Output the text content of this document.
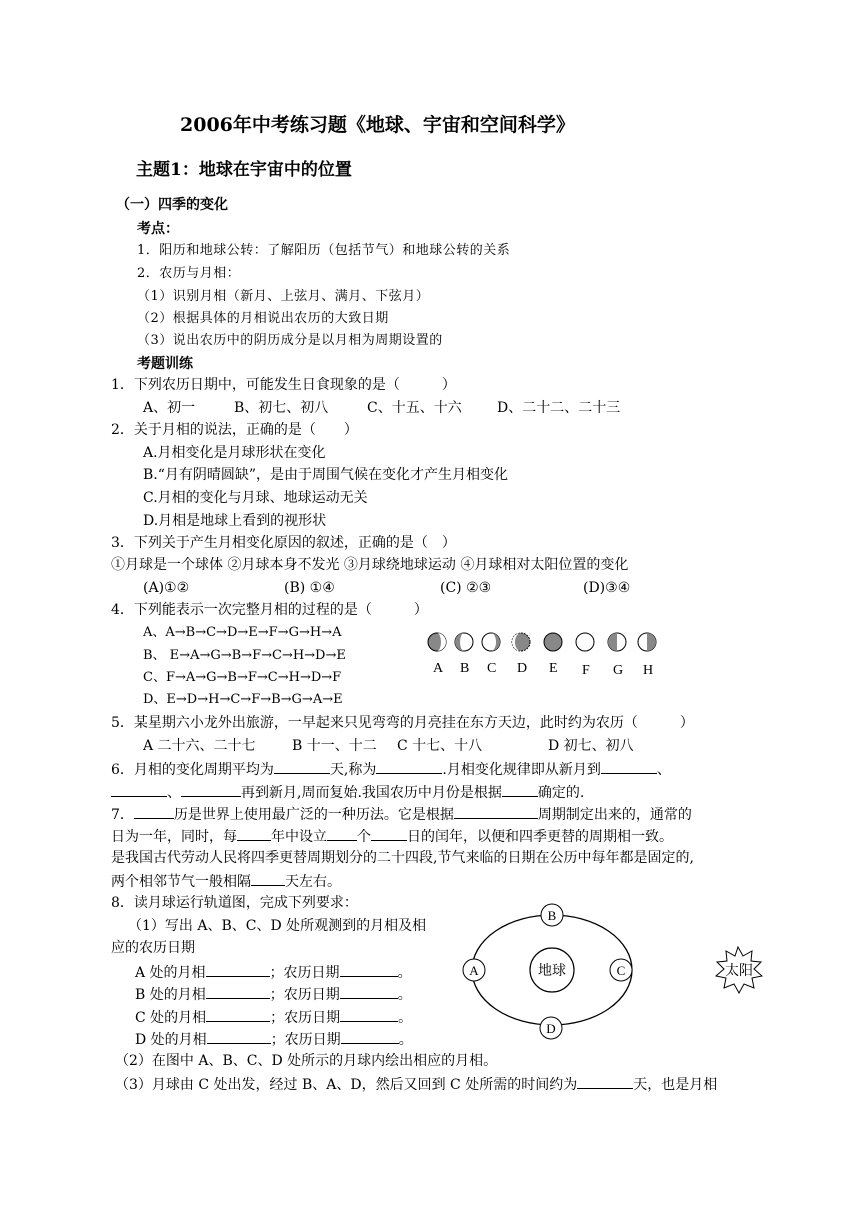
2006年中考练习题《地球、宇宙和空间科学》
主题1：地球在宇宙中的位置
（一）四季的变化
考点：
1．阳历和地球公转：了解阳历（包括节气）和地球公转的关系
2．农历与月相：
（1）识别月相（新月、上弦月、满月、下弦月）
（2）根据具体的月相说出农历的大致日期
（3）说出农历中的阴历成分是以月相为周期设置的
考题训练
1．下列农历日期中，可能发生日食现象的是（　　　）
A、初一	B、初七、初八	C、十五、十六	D、二十二、二十三
2．关于月相的说法，正确的是（　　）
A.月相变化是月球形状在变化
B.“月有阴晴圆缺”，是由于周围气候在变化才产生月相变化
C.月相的变化与月球、地球运动无关
D.月相是地球上看到的视形状
3．下列关于产生月相变化原因的叙述，正确的是（　）
①月球是一个球体 ②月球本身不发光 ③月球绕地球运动 ④月球相对太阳位置的变化
(A)①②	(B) ①④	(C) ②③	(D)③④
4．下列能表示一次完整月相的过程的是（　　　）
A、A→B→C→D→E→F→G→H→A
B、 E→A→G→B→F→C→H→D→E
C、F→A→G→B→F→C→H→D→F
D、E→D→H→C→F→B→G→A→E
A B C D E F G H
5．某星期六小龙外出旅游，一早起来只见弯弯的月亮挂在东方天边，此时约为农历（　　　）
A 二十六、二十七	B 十一、十二 C 十七、十八	D 初七、初八
6．月相的变化周期平均为	天,称为	.月相变化规律即从新月到	、
、	再到新月,周而复始.我国农历中月份是根据	确定的.
7．	历是世界上使用最广泛的一种历法。它是根据	周期制定出来的，通常的
日为一年，同时，每 年中设立 个	日的闰年，以便和四季更替的周期相一致。
是我国古代劳动人民将四季更替周期划分的二十四段,节气来临的日期在公历中每年都是固定的,
两个相邻节气一般相隔 天左右。
8．读月球运行轨道图，完成下列要求：
（1）写出 A、B、C、D 处所观测到的月相及相
应的农历日期
A 处的月相	；农历日期	。
B 处的月相	；农历日期	。
C 处的月相	；农历日期	。
D 处的月相	；农历日期	。
（2）在图中 A、B、C、D 处所示的月球内绘出相应的月相。
（3）月球由 C 处出发，经过 B、A、D，然后又回到 C 处所需的时间约为	天，也是月相
地球
B
A	C
D
太阳
